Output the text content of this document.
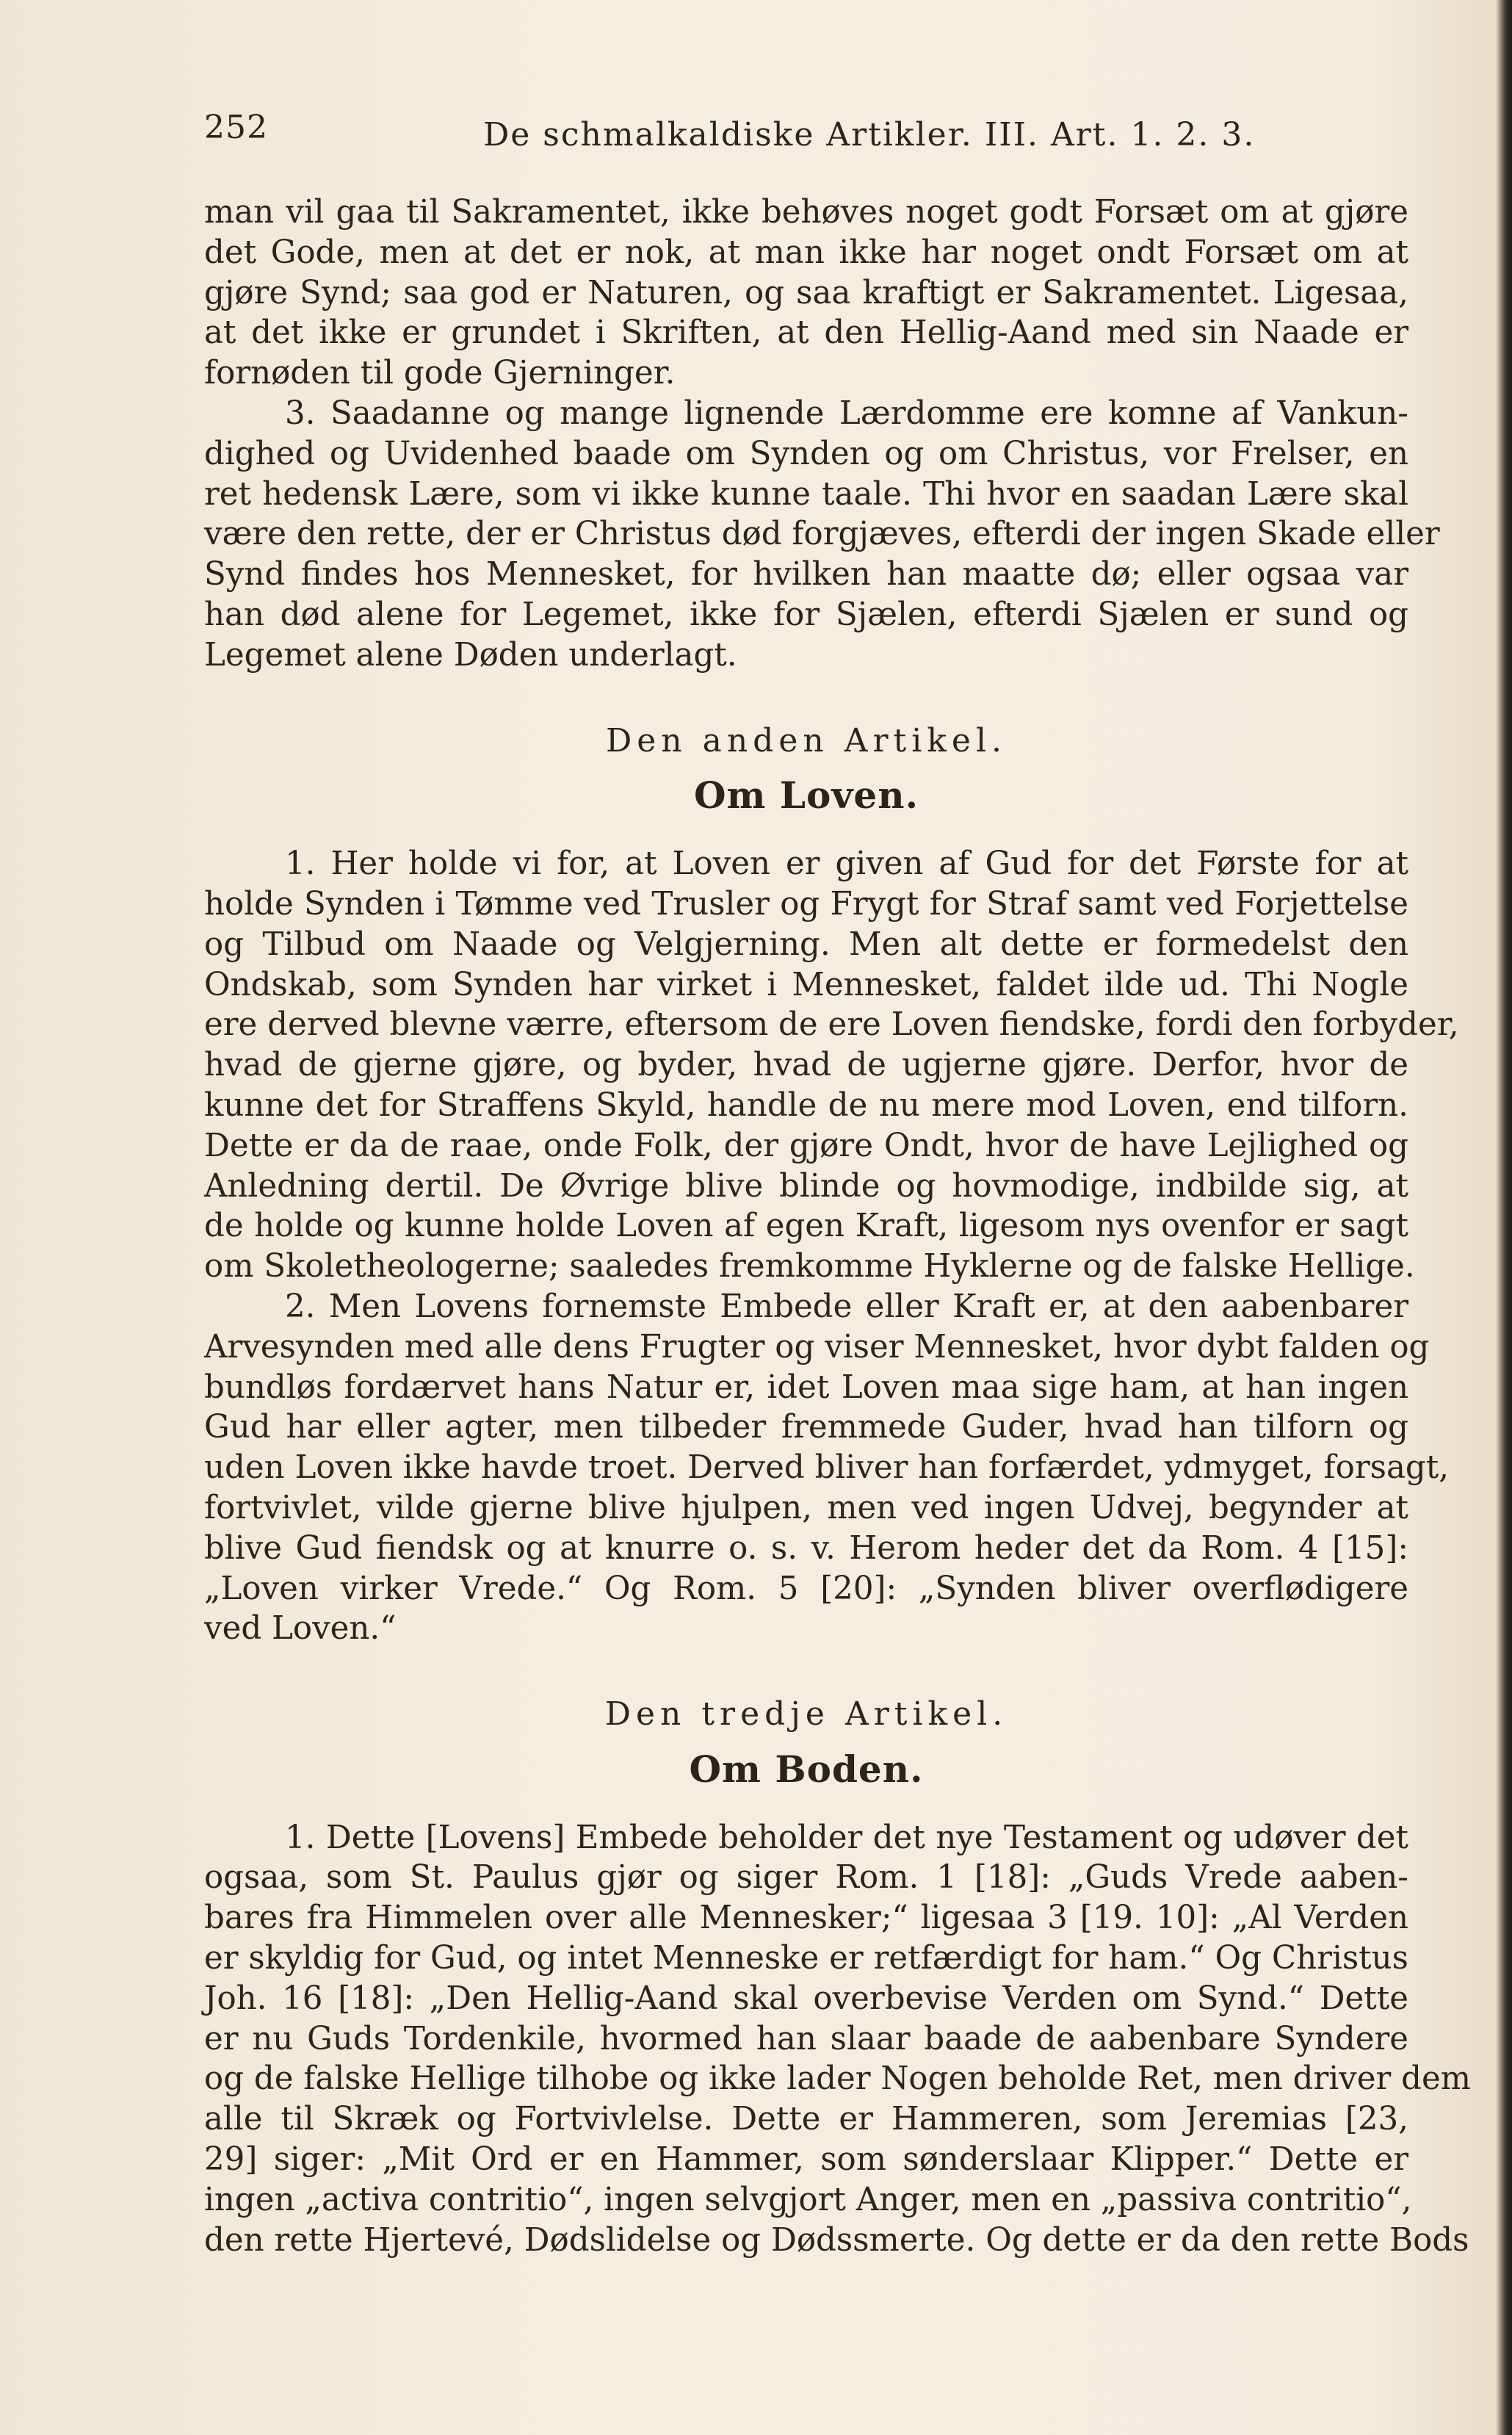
252	De schmalkaldiske Artikler. III. Art. 1. 2. 3.
man vil gaa til Sakramentet, ikke behøves noget godt Forsæt om at gjøre
det Gode, men at det er nok, at man ikke har noget ondt Forsæt om at
gjøre Synd; saa god er Naturen, og saa kraftigt er Sakramentet. Ligesaa,
at det ikke er grundet i Skriften, at den Hellig-Aand med sin Naade er
fornøden til gode Gjerninger.
3. Saadanne og mange lignende Lærdomme ere komne af Vankun-
dighed og Uvidenhed baade om Synden og om Christus, vor Frelser, en
ret hedensk Lære, som vi ikke kunne taale. Thi hvor en saadan Lære skal
være den rette, der er Christus død forgjæves, efterdi der ingen Skade eller
Synd findes hos Mennesket, for hvilken han maatte dø; eller ogsaa var
han død alene for Legemet, ikke for Sjælen, efterdi Sjælen er sund og
Legemet alene Døden underlagt.
Den anden Artikel.
Om Loven.
1. Her holde vi for, at Loven er given af Gud for det Første for at
holde Synden i Tømme ved Trusler og Frygt for Straf samt ved Forjettelse
og Tilbud om Naade og Velgjerning. Men alt dette er formedelst den
Ondskab, som Synden har virket i Mennesket, faldet ilde ud. Thi Nogle
ere derved blevne værre, eftersom de ere Loven fiendske, fordi den forbyder,
hvad de gjerne gjøre, og byder, hvad de ugjerne gjøre. Derfor, hvor de
kunne det for Straffens Skyld, handle de nu mere mod Loven, end tilforn.
Dette er da de raae, onde Folk, der gjøre Ondt, hvor de have Lejlighed og
Anledning dertil. De Øvrige blive blinde og hovmodige, indbilde sig, at
de holde og kunne holde Loven af egen Kraft, ligesom nys ovenfor er sagt
om Skoletheologerne; saaledes fremkomme Hyklerne og de falske Hellige.
2. Men Lovens fornemste Embede eller Kraft er, at den aabenbarer
Arvesynden med alle dens Frugter og viser Mennesket, hvor dybt falden og
bundløs fordærvet hans Natur er, idet Loven maa sige ham, at han ingen
Gud har eller agter, men tilbeder fremmede Guder, hvad han tilforn og
uden Loven ikke havde troet. Derved bliver han forfærdet, ydmyget, forsagt,
fortvivlet, vilde gjerne blive hjulpen, men ved ingen Udvej, begynder at
blive Gud fiendsk og at knurre o. s. v. Herom heder det da Rom. 4 [15]:
„Loven virker Vrede.“ Og Rom. 5 [20]: „Synden bliver overflødigere
ved Loven.“
Den tredje Artikel.
Om Boden.
1. Dette [Lovens] Embede beholder det nye Testament og udøver det
ogsaa, som St. Paulus gjør og siger Rom. 1 [18]: „Guds Vrede aaben-
bares fra Himmelen over alle Mennesker;“ ligesaa 3 [19. 10]: „Al Verden
er skyldig for Gud, og intet Menneske er retfærdigt for ham.“ Og Christus
Joh. 16 [18]: „Den Hellig-Aand skal overbevise Verden om Synd.“ Dette
er nu Guds Tordenkile, hvormed han slaar baade de aabenbare Syndere
og de falske Hellige tilhobe og ikke lader Nogen beholde Ret, men driver dem
alle til Skræk og Fortvivlelse. Dette er Hammeren, som Jeremias [23,
29] siger: „Mit Ord er en Hammer, som sønderslaar Klipper.“ Dette er
ingen „activa contritio“, ingen selvgjort Anger, men en „passiva contritio“,
den rette Hjertevé, Dødslidelse og Dødssmerte. Og dette er da den rette Bods
